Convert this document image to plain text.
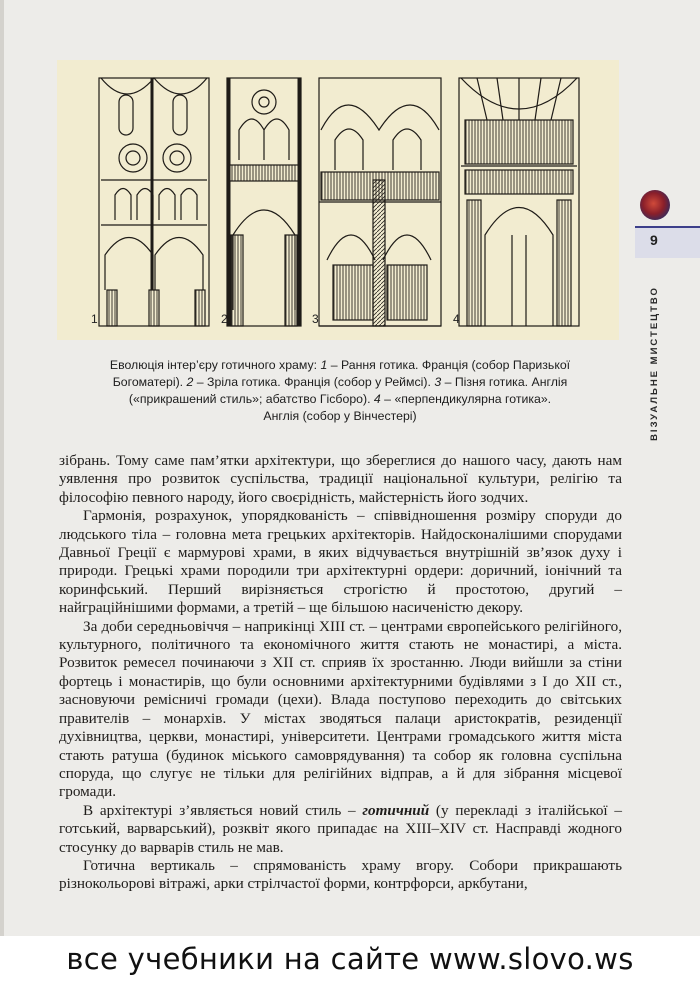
1	2	3	4
Еволюція інтер’єру готичного храму: 1 – Рання готика. Франція (собор Паризької
Богоматері). 2 – Зріла готика. Франція (собор у Реймсі). 3 – Пізня готика. Англія
(«прикрашений стиль»; абатство Гісборо). 4 – «перпендикулярна готика».
Англія (собор у Вінчестері)
9
ВІЗУАЛЬНЕ МИСТЕЦТВО

зібрань. Тому саме пам’ятки архітектури, що збереглися до нашого часу, дають нам уявлення про розвиток суспільства, традиції національної культури, релігію та філософію певного народу, його своєрідність, майстерність його зодчих.

Гармонія, розрахунок, упорядкованість – співвідношення розміру споруди до людського тіла – головна мета грецьких архітекторів. Найдосконалішими спорудами Давньої Греції є мармурові храми, в яких відчувається внутрішній зв’язок духу і природи. Грецькі храми породили три архітектурні ордери: доричний, іонічний та коринфський. Перший вирізняється строгістю й простотою, другий – найграційнішими формами, а третій – ще більшою насиченістю декору.

За доби середньовіччя – наприкінці XIII ст. – центрами європейського релігійного, культурного, політичного та економічного життя стають не монастирі, а міста. Розвиток ремесел починаючи з XII ст. сприяв їх зростанню. Люди вийшли за стіни фортець і монастирів, що були основними архітектурними будівлями з I до XII ст., засновуючи ремісничі громади (цехи). Влада поступово переходить до світських правителів – монархів. У містах зводяться палаци аристократів, резиденції духівництва, церкви, монастирі, університети. Центрами громадського життя міста стають ратуша (будинок міського самоврядування) та собор як головна суспільна споруда, що слугує не тільки для релігійних відправ, а й для зібрання місцевої громади.

В архітектурі з’являється новий стиль – готичний (у перекладі з італійської – готський, варварський), розквіт якого припадає на XIII–XIV ст. Насправді жодного стосунку до варварів стиль не мав.

Готична вертикаль – спрямованість храму вгору. Собори прикрашають різнокольорові вітражі, арки стрілчастої форми, контрфорси, аркбутани,

все учебники на сайте www.slovo.ws
